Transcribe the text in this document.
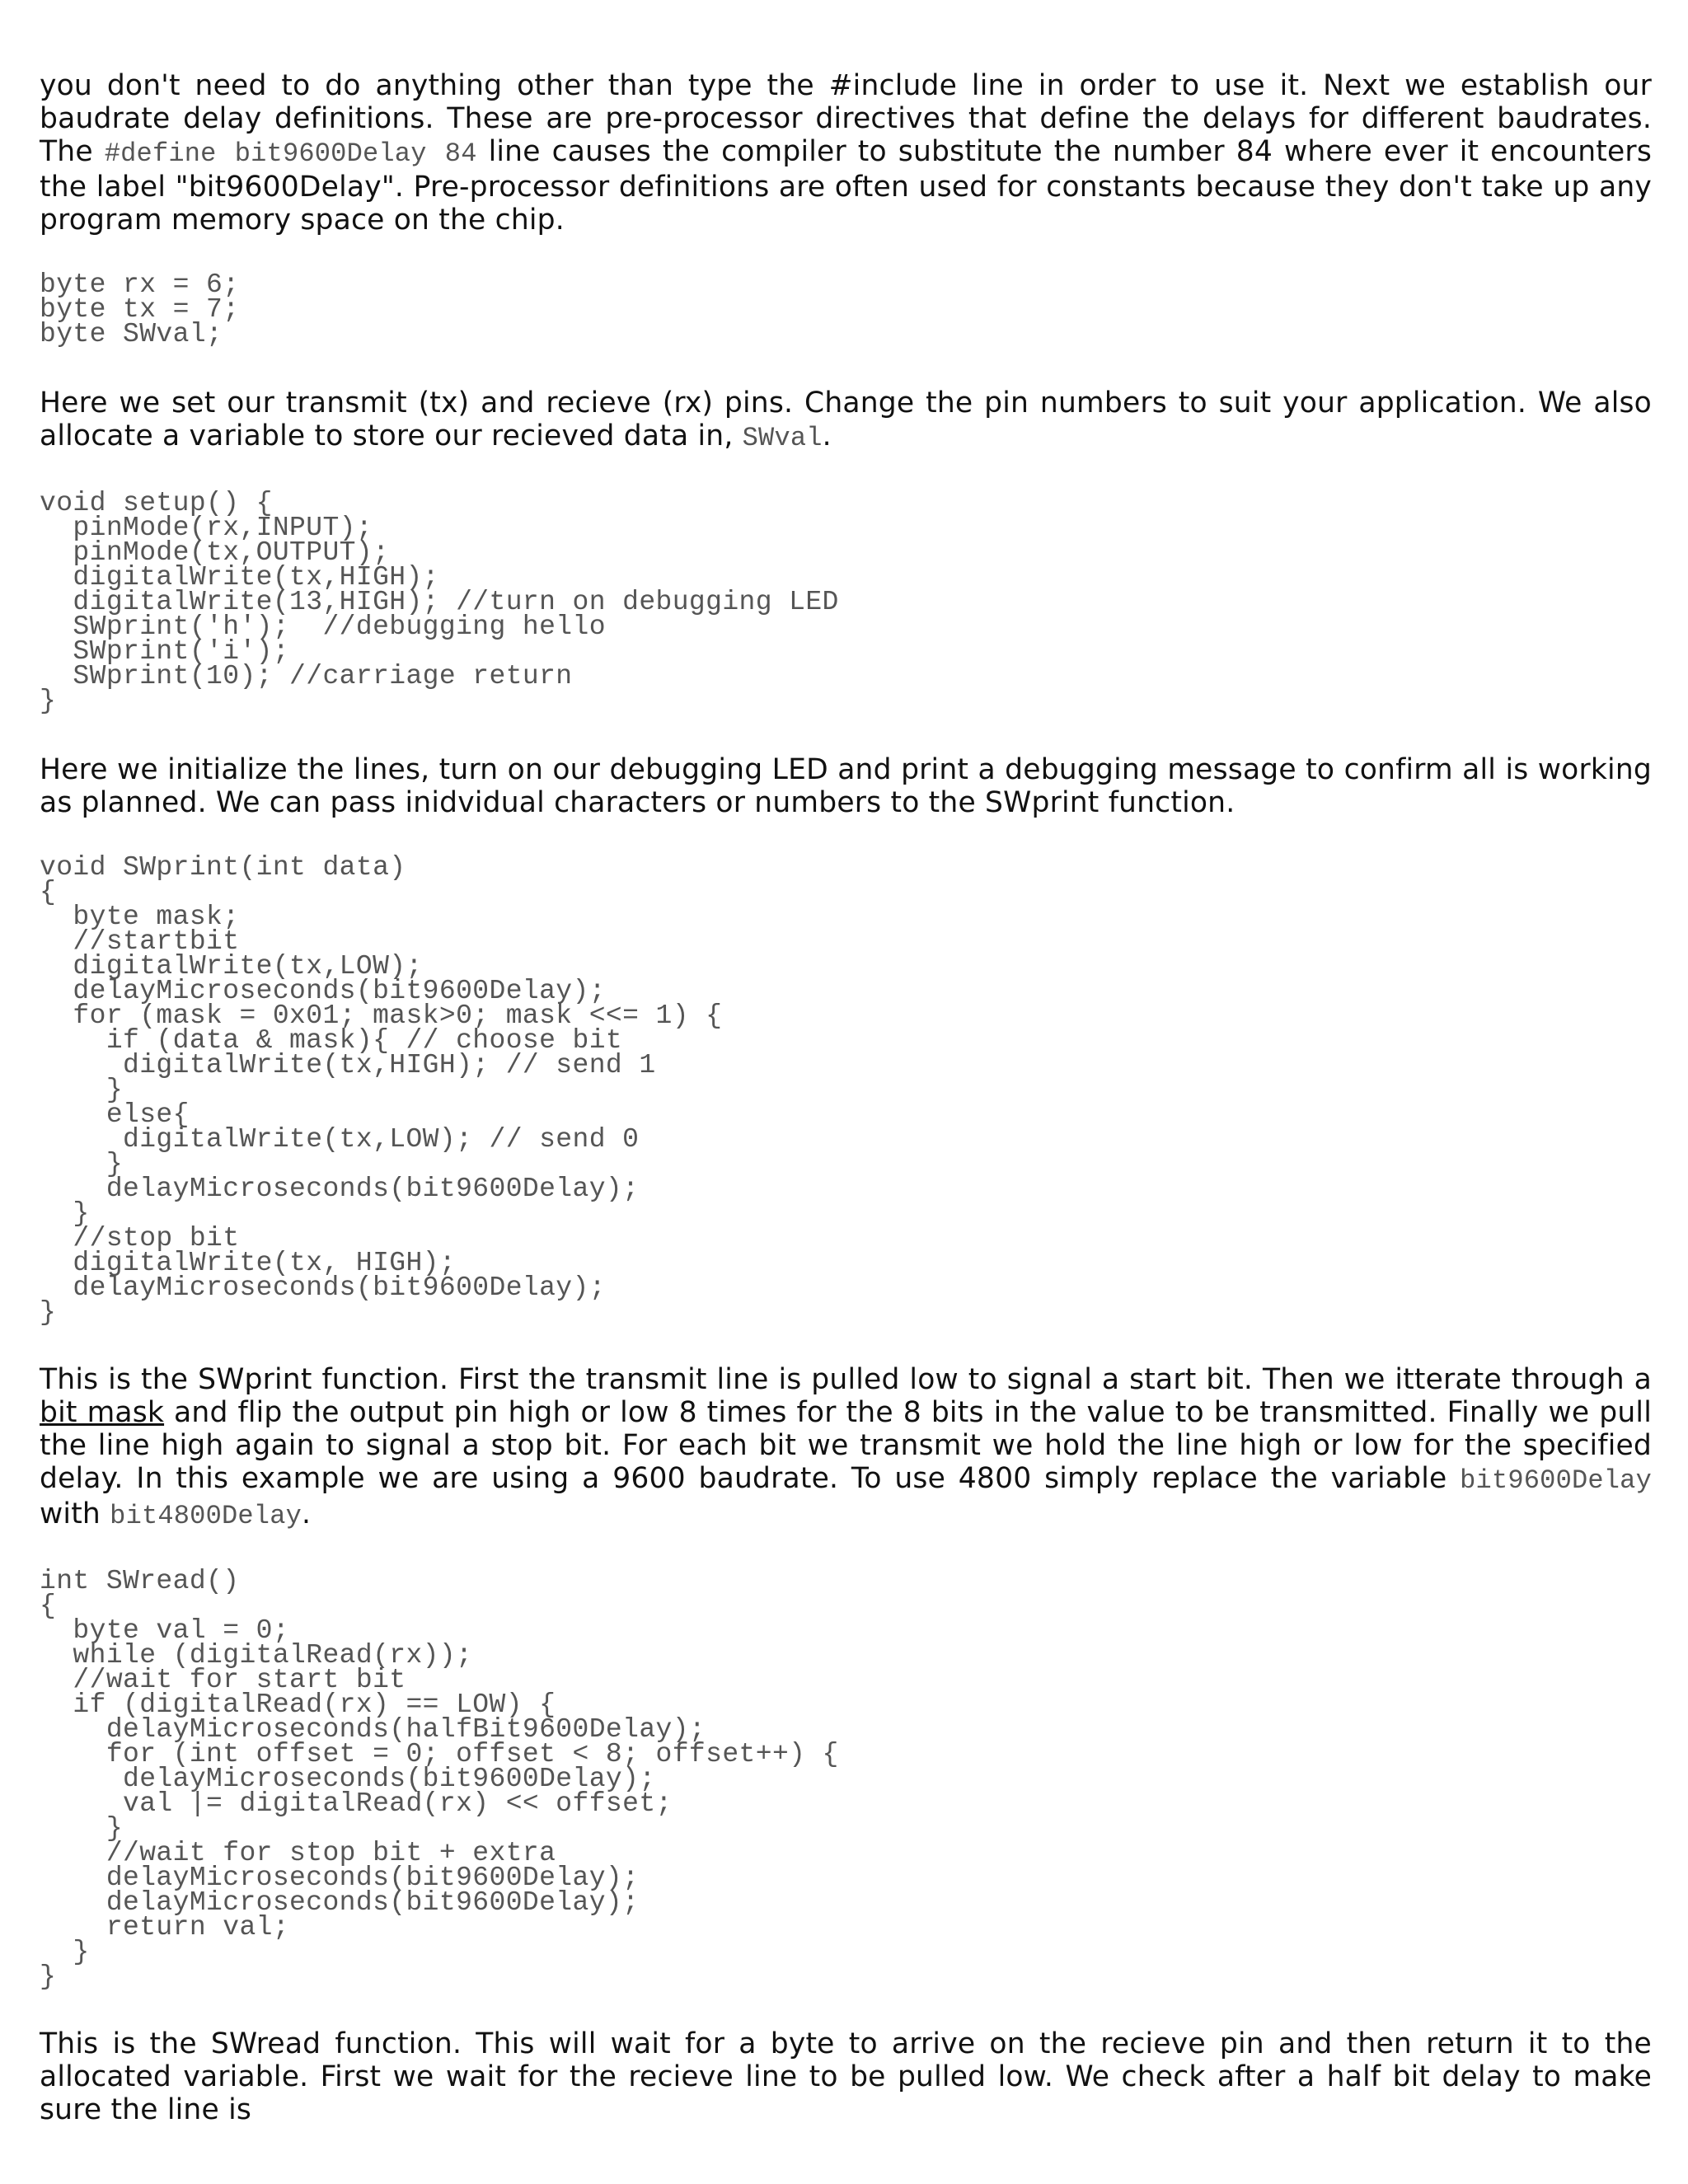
you don't need to do anything other than type the #include line in order to use it. Next we establish our baudrate delay definitions. These are pre-processor directives that define the delays for different baudrates. The #define bit9600Delay 84 line causes the compiler to substitute the number 84 where ever it encounters the label "bit9600Delay". Pre-processor definitions are often used for constants because they don't take up any program memory space on the chip.

byte rx = 6;
byte tx = 7;
byte SWval;

Here we set our transmit (tx) and recieve (rx) pins. Change the pin numbers to suit your application. We also allocate a variable to store our recieved data in, SWval.

void setup() {
pinMode(rx,INPUT);
pinMode(tx,OUTPUT);
digitalWrite(tx,HIGH);
digitalWrite(13,HIGH); //turn on debugging LED
SWprint('h');  //debugging hello
SWprint('i');
SWprint(10); //carriage return
}

Here we initialize the lines, turn on our debugging LED and print a debugging message to confirm all is working as planned. We can pass inidvidual characters or numbers to the SWprint function.

void SWprint(int data)
{
byte mask;
//startbit
digitalWrite(tx,LOW);
delayMicroseconds(bit9600Delay);
for (mask = 0x01; mask>0; mask <<= 1) {
if (data & mask){ // choose bit
digitalWrite(tx,HIGH); // send 1
}
else{
digitalWrite(tx,LOW); // send 0
}
delayMicroseconds(bit9600Delay);
}
//stop bit
digitalWrite(tx, HIGH);
delayMicroseconds(bit9600Delay);
}

This is the SWprint function. First the transmit line is pulled low to signal a start bit. Then we itterate through a bit mask and flip the output pin high or low 8 times for the 8 bits in the value to be transmitted. Finally we pull the line high again to signal a stop bit. For each bit we transmit we hold the line high or low for the specified delay. In this example we are using a 9600 baudrate. To use 4800 simply replace the variable bit9600Delay with bit4800Delay.

int SWread()
{
byte val = 0;
while (digitalRead(rx));
//wait for start bit
if (digitalRead(rx) == LOW) {
delayMicroseconds(halfBit9600Delay);
for (int offset = 0; offset < 8; offset++) {
delayMicroseconds(bit9600Delay);
val |= digitalRead(rx) << offset;
}
//wait for stop bit + extra
delayMicroseconds(bit9600Delay);
delayMicroseconds(bit9600Delay);
return val;
}
}

This is the SWread function. This will wait for a byte to arrive on the recieve pin and then return it to the allocated variable. First we wait for the recieve line to be pulled low. We check after a half bit delay to make sure the line is
